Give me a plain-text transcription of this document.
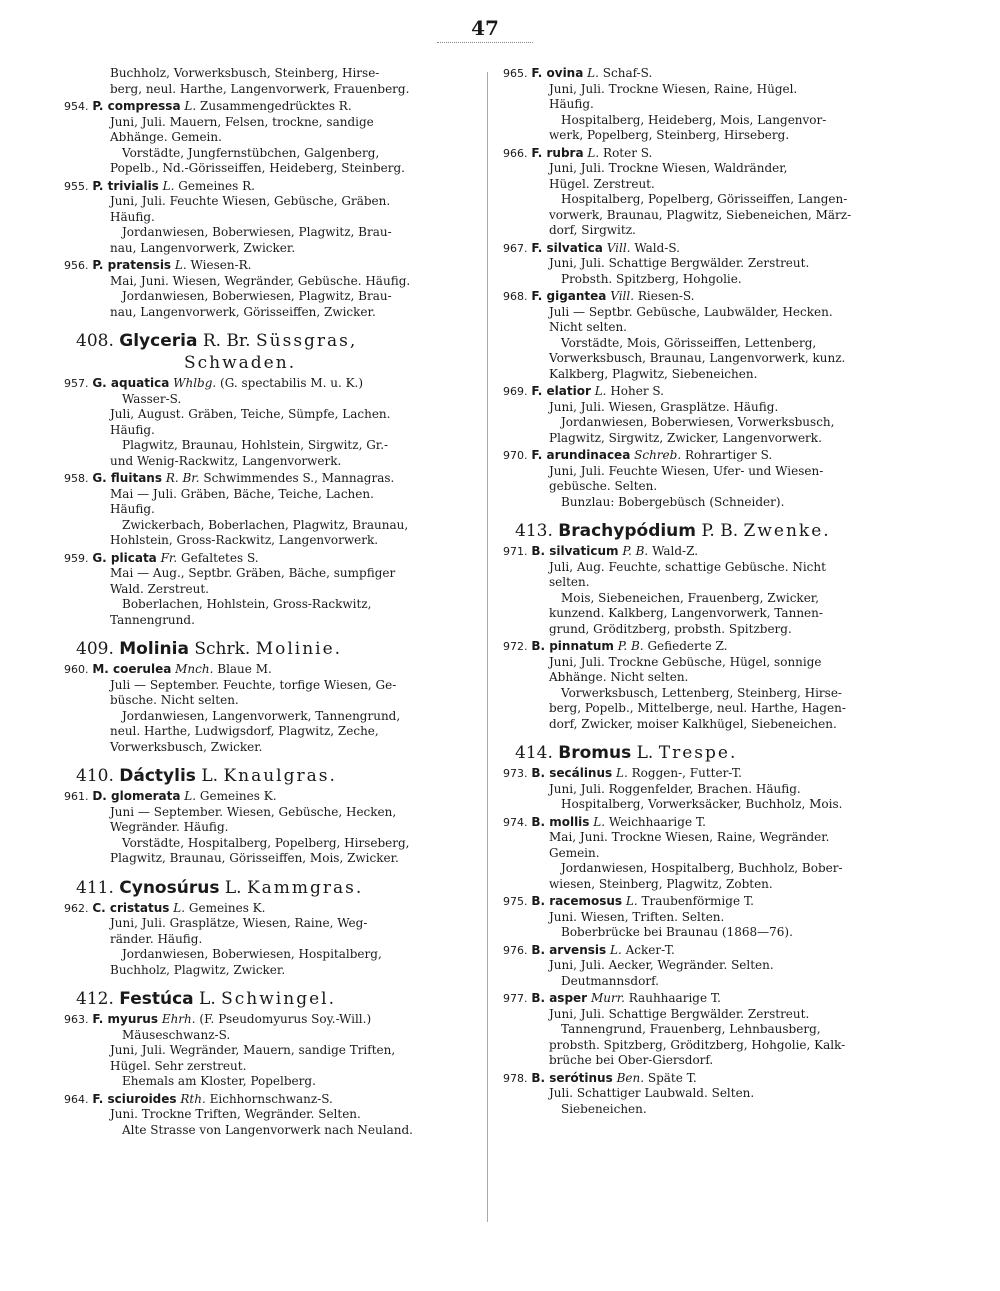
47

Buchholz, Vorwerksbusch, Steinberg, Hirse-

berg, neul. Harthe, Langenvorwerk, Frauenberg.

954. P. compressa L. Zusammengedrücktes R.

Juni, Juli. Mauern, Felsen, trockne, sandige

Abhänge. Gemein.

Vorstädte, Jungfernstübchen, Galgenberg,

Popelb., Nd.-Görisseiffen, Heideberg, Steinberg.

955. P. trivialis L. Gemeines R.

Juni, Juli. Feuchte Wiesen, Gebüsche, Gräben.

Häufig.

Jordanwiesen, Boberwiesen, Plagwitz, Brau-

nau, Langenvorwerk, Zwicker.

956. P. pratensis L. Wiesen-R.

Mai, Juni. Wiesen, Wegränder, Gebüsche. Häufig.

Jordanwiesen, Boberwiesen, Plagwitz, Brau-

nau, Langenvorwerk, Görisseiffen, Zwicker.

408. Glyceria R. Br. Süssgras,
Schwaden.

957. G. aquatica Whlbg. (G. spectabilis M. u. K.)

Wasser-S.

Juli, August. Gräben, Teiche, Sümpfe, Lachen.

Häufig.

Plagwitz, Braunau, Hohlstein, Sirgwitz, Gr.-

und Wenig-Rackwitz, Langenvorwerk.

958. G. fluitans R. Br. Schwimmendes S., Mannagras.

Mai — Juli. Gräben, Bäche, Teiche, Lachen.

Häufig.

Zwickerbach, Boberlachen, Plagwitz, Braunau,

Hohlstein, Gross-Rackwitz, Langenvorwerk.

959. G. plicata Fr. Gefaltetes S.

Mai — Aug., Septbr. Gräben, Bäche, sumpfiger

Wald. Zerstreut.

Boberlachen, Hohlstein, Gross-Rackwitz,

Tannengrund.

409. Molinia Schrk. Molinie.

960. M. coerulea Mnch. Blaue M.

Juli — September. Feuchte, torfige Wiesen, Ge-

büsche. Nicht selten.

Jordanwiesen, Langenvorwerk, Tannengrund,

neul. Harthe, Ludwigsdorf, Plagwitz, Zeche,

Vorwerksbusch, Zwicker.

410. Dáctylis L. Knaulgras.

961. D. glomerata L. Gemeines K.

Juni — September. Wiesen, Gebüsche, Hecken,

Wegränder. Häufig.

Vorstädte, Hospitalberg, Popelberg, Hirseberg,

Plagwitz, Braunau, Görisseiffen, Mois, Zwicker.

411. Cynosúrus L. Kammgras.

962. C. cristatus L. Gemeines K.

Juni, Juli. Grasplätze, Wiesen, Raine, Weg-

ränder. Häufig.

Jordanwiesen, Boberwiesen, Hospitalberg,

Buchholz, Plagwitz, Zwicker.

412. Festúca L. Schwingel.

963. F. myurus Ehrh. (F. Pseudomyurus Soy.-Will.)

Mäuseschwanz-S.

Juni, Juli. Wegränder, Mauern, sandige Triften,

Hügel. Sehr zerstreut.

Ehemals am Kloster, Popelberg.

964. F. sciuroides Rth. Eichhornschwanz-S.

Juni. Trockne Triften, Wegränder. Selten.

Alte Strasse von Langenvorwerk nach Neuland.

965. F. ovina L. Schaf-S.

Juni, Juli. Trockne Wiesen, Raine, Hügel.

Häufig.

Hospitalberg, Heideberg, Mois, Langenvor-

werk, Popelberg, Steinberg, Hirseberg.

966. F. rubra L. Roter S.

Juni, Juli. Trockne Wiesen, Waldränder,

Hügel. Zerstreut.

Hospitalberg, Popelberg, Görisseiffen, Langen-

vorwerk, Braunau, Plagwitz, Siebeneichen, März-

dorf, Sirgwitz.

967. F. silvatica Vill. Wald-S.

Juni, Juli. Schattige Bergwälder. Zerstreut.

Probsth. Spitzberg, Hohgolie.

968. F. gigantea Vill. Riesen-S.

Juli — Septbr. Gebüsche, Laubwälder, Hecken.

Nicht selten.

Vorstädte, Mois, Görisseiffen, Lettenberg,

Vorwerksbusch, Braunau, Langenvorwerk, kunz.

Kalkberg, Plagwitz, Siebeneichen.

969. F. elatior L. Hoher S.

Juni, Juli. Wiesen, Grasplätze. Häufig.

Jordanwiesen, Boberwiesen, Vorwerksbusch,

Plagwitz, Sirgwitz, Zwicker, Langenvorwerk.

970. F. arundinacea Schreb. Rohrartiger S.

Juni, Juli. Feuchte Wiesen, Ufer- und Wiesen-

gebüsche. Selten.

Bunzlau: Bobergebüsch (Schneider).

413. Brachypódium P. B. Zwenke.

971. B. silvaticum P. B. Wald-Z.

Juli, Aug. Feuchte, schattige Gebüsche. Nicht

selten.

Mois, Siebeneichen, Frauenberg, Zwicker,

kunzend. Kalkberg, Langenvorwerk, Tannen-

grund, Gröditzberg, probsth. Spitzberg.

972. B. pinnatum P. B. Gefiederte Z.

Juni, Juli. Trockne Gebüsche, Hügel, sonnige

Abhänge. Nicht selten.

Vorwerksbusch, Lettenberg, Steinberg, Hirse-

berg, Popelb., Mittelberge, neul. Harthe, Hagen-

dorf, Zwicker, moiser Kalkhügel, Siebeneichen.

414. Bromus L. Trespe.

973. B. secálinus L. Roggen-, Futter-T.

Juni, Juli. Roggenfelder, Brachen. Häufig.

Hospitalberg, Vorwerksäcker, Buchholz, Mois.

974. B. mollis L. Weichhaarige T.

Mai, Juni. Trockne Wiesen, Raine, Wegränder.

Gemein.

Jordanwiesen, Hospitalberg, Buchholz, Bober-

wiesen, Steinberg, Plagwitz, Zobten.

975. B. racemosus L. Traubenförmige T.

Juni. Wiesen, Triften. Selten.

Boberbrücke bei Braunau (1868—76).

976. B. arvensis L. Acker-T.

Juni, Juli. Aecker, Wegränder. Selten.

Deutmannsdorf.

977. B. asper Murr. Rauhhaarige T.

Juni, Juli. Schattige Bergwälder. Zerstreut.

Tannengrund, Frauenberg, Lehnbausberg,

probsth. Spitzberg, Gröditzberg, Hohgolie, Kalk-

brüche bei Ober-Giersdorf.

978. B. serótinus Ben. Späte T.

Juli. Schattiger Laubwald. Selten.

Siebeneichen.
